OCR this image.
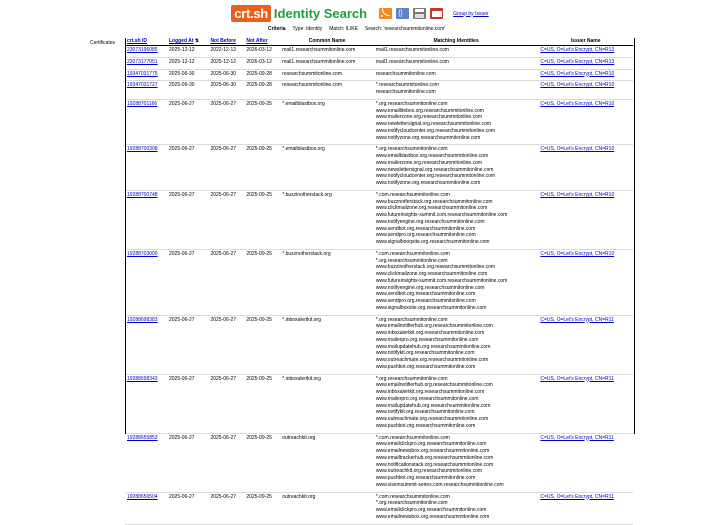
crt.sh Identity Search {}	Group by Issuer
Criteria Type: Identity Match: ILIKE Search: 'researchsummitonline.com'
Certificates crt.sh ID	Logged At ⇅	Not Before	Not After	Common Name	Matching Identities	Issuer Name
23073196085	2025-12-12	2022-12-12	2026-03-12	mail1.researchsummitonline.com	mail1.researchsummitonline.com	C=US, O=Let's Encrypt, CN=R13
23073177051	2025-12-12	2025-12-12	2026-03-12	mail1.researchsummitonline.com	mail1.researchsummitonline.com	C=US, O=Let's Encrypt, CN=R13
19347031775	2025-06-30	2025-06-30	2025-09-28	researchsummitonline.com	researchsummitonline.com	C=US, O=Let's Encrypt, CN=R10
19347031727	2025-06-30	2025-06-30	2025-09-28	researchsummitonline.com	*.researchsummitonline.com
researchsummitonline.com	C=US, O=Let's Encrypt, CN=R10
19288701166	2025-06-27	2025-06-27	2025-09-25	*.emailblastbox.org	*.org.researchsummitonline.com
www.emaillitebox.org.researchsummitonline.com
www.mailerzone.org.researchsummitonline.com
www.newlettersignal.org.researchsummitonline.com
www.notifycloudcenter.org.researchsummitonline.com
www.notifyzone.org.researchsummitonline.com
	C=US, O=Let's Encrypt, CN=R10
19288700308	2025-06-27	2025-06-27	2025-09-25	*.emailblastbox.org	*.org.researchsummitonline.com
www.emailblastbox.org.researchsummitonline.com
www.mailerzone.org.researchsummitonline.com
www.newslettersignal.org.researchsummitonline.com
www.notifycloudcenter.org.researchsummitonline.com
www.notifyzone.org.researchsummitonline.com
	C=US, O=Let's Encrypt, CN=R10
19288700748	2025-06-27	2025-06-27	2025-09-25	*.buzzinotherstack.org	*.com.researchsummitonline.com
www.buzznotferstack.org.researchsummitonline.com
www.clickmailzone.org.researchsummitonline.com
www.futureinsights-summit.com.researchsummitonline.com
www.notifyengine.org.researchsummitonline.com
www.sendbot.org.researchsummitonline.com
www.sendpro.org.researchsummitonline.com
www.signalbooqsite.org.researchsummitonline.com
	C=US, O=Let's Encrypt, CN=R10
19288703000	2025-06-27	2025-06-27	2025-09-25	*.buzznotherstack.org	*.com.researchsummitonline.com
*.org.researchsummitonline.com
www.buzzinotherstack.org.researchsummitonline.com
www.clickmailzone.org.researchsummitonline.com
www.futureinsights-summit.com.researchsummitonline.com
www.notifyengine.org.researchsummitonline.com
www.sendbot.org.researchsummitonline.com
www.sendpro.org.researchsummitonline.com
www.signalboxsite.org.researchsummitonline.com
	C=US, O=Let's Encrypt, CN=R10
19288698383	2025-06-27	2025-06-27	2025-09-25	*.inboxalertkit.org	*.org.researchsummitonline.com
www.emailnotifierhub.org.researchsummitonline.com
www.inboxalertkit.org.researchsummitonline.com
www.mailerpro.org.researchsummitonline.com
www.mailupdatehub.org.researchsummitonline.com
www.notifykit.org.researchsummitonline.com
www.outreachmate.org.researchsummitonline.com
www.pushbot.org.researchsummitonline.com
	C=US, O=Let's Encrypt, CN=R11
19288698343	2025-06-27	2025-06-27	2025-09-25	*.inboxalertkit.org	*.org.researchsummitonline.com
www.emailnotifierhub.org.researchsummitonline.com
www.inboxalertkit.org.researchsummitonline.com
www.mailerpro.org.researchsummitonline.com
www.mailupdatehub.org.researchsummitonline.com
www.notifykit.org.researchsummitonline.com
www.outreachmate.org.researchsummitonline.com
www.pushbot.org.researchsummitonline.com
	C=US, O=Let's Encrypt, CN=R11
19288655853	2025-06-27	2025-06-27	2025-09-25	outreachkit.org	*.com.researchsummitonline.com
www.emailclickpro.org.researchsummitonline.com
www.emailnewsbox.org.researchsummitonline.com
www.emailtrackerhub.org.researchsummitonline.com
www.notificationstack.org.researchsummitonline.com
www.outreachkit.org.researchsummitonline.com
www.pushbot.org.researchsummitonline.com
www.visionsummit-series.com.researchsummitonline.com
	C=US, O=Let's Encrypt, CN=R11
19288656504	2025-06-27	2025-06-27	2025-09-25	outreachkit.org	*.com.researchsummitonline.com
*.org.researchsummitonline.com
www.emailclickpro.org.researchsummitonline.com
www.emailnewsbox.org.researchsummitonline.com	C=US, O=Let's Encrypt, CN=R11
